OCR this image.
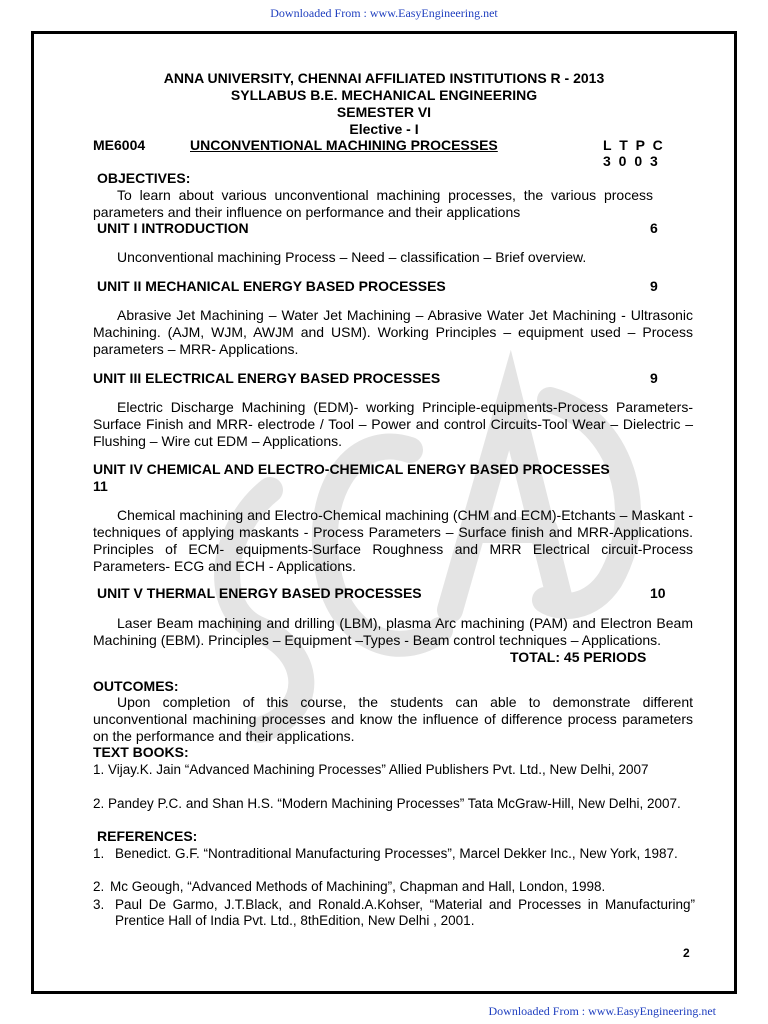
Downloaded From : www.EasyEngineering.net
ANNA UNIVERSITY, CHENNAI AFFILIATED INSTITUTIONS R - 2013
SYLLABUS B.E. MECHANICAL ENGINEERING
SEMESTER VI
Elective - I
ME6004	UNCONVENTIONAL MACHINING PROCESSES	L T P C
3 0 0 3
OBJECTIVES:
To learn about various unconventional machining processes, the various process parameters and their influence on performance and their applications
UNIT I INTRODUCTION	6
Unconventional machining Process – Need – classification – Brief overview.
UNIT II MECHANICAL ENERGY BASED PROCESSES	9
Abrasive Jet Machining – Water Jet Machining – Abrasive Water Jet Machining - Ultrasonic Machining. (AJM, WJM, AWJM and USM). Working Principles – equipment used – Process parameters – MRR- Applications.
UNIT III ELECTRICAL ENERGY BASED PROCESSES	9
Electric Discharge Machining (EDM)- working Principle-equipments-Process Parameters-Surface Finish and MRR- electrode / Tool – Power and control Circuits-Tool Wear – Dielectric – Flushing – Wire cut EDM – Applications.
UNIT IV CHEMICAL AND ELECTRO-CHEMICAL ENERGY BASED PROCESSES
11
Chemical machining and Electro-Chemical machining (CHM and ECM)-Etchants – Maskant - techniques of applying maskants - Process Parameters – Surface finish and MRR-Applications. Principles of ECM- equipments-Surface Roughness and MRR Electrical circuit-Process Parameters- ECG and ECH - Applications.
UNIT V THERMAL ENERGY BASED PROCESSES	10
Laser Beam machining and drilling (LBM), plasma Arc machining (PAM) and Electron Beam Machining (EBM). Principles – Equipment –Types - Beam control techniques – Applications.
TOTAL: 45 PERIODS
OUTCOMES:
Upon completion of this course, the students can able to demonstrate different unconventional machining processes and know the influence of difference process parameters on the performance and their applications.
TEXT BOOKS:
1. Vijay.K. Jain “Advanced Machining Processes” Allied Publishers Pvt. Ltd., New Delhi, 2007
2. Pandey P.C. and Shan H.S. “Modern Machining Processes” Tata McGraw-Hill, New Delhi, 2007.
REFERENCES:
1. Benedict. G.F. “Nontraditional Manufacturing Processes”, Marcel Dekker Inc., New York, 1987.
2. Mc Geough, “Advanced Methods of Machining”, Chapman and Hall, London, 1998.
3. Paul De Garmo, J.T.Black, and Ronald.A.Kohser, “Material and Processes in Manufacturing” Prentice Hall of India Pvt. Ltd., 8thEdition, New Delhi , 2001.
2
Downloaded From : www.EasyEngineering.net
